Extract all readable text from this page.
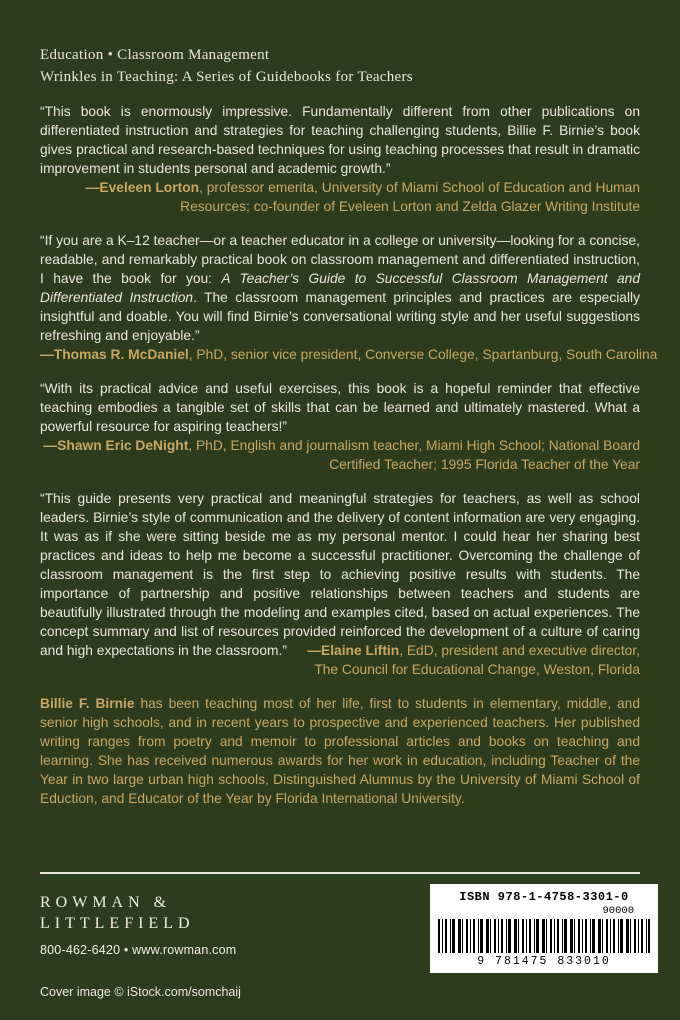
Education • Classroom Management
Wrinkles in Teaching: A Series of Guidebooks for Teachers

“This book is enormously impressive. Fundamentally different from other publications on differentiated instruction and strategies for teaching challenging students, Billie F. Birnie’s book gives practical and research-based techniques for using teaching processes that result in dramatic improvement in students personal and academic growth.”

—Eveleen Lorton, professor emerita, University of Miami School of Education and Human Resources; co-founder of Eveleen Lorton and Zelda Glazer Writing Institute

“If you are a K–12 teacher—or a teacher educator in a college or university—looking for a concise, readable, and remarkably practical book on classroom management and differentiated instruction, I have the book for you: A Teacher’s Guide to Successful Classroom Management and Differentiated Instruction. The classroom management principles and practices are especially insightful and doable. You will find Birnie’s conversational writing style and her useful suggestions refreshing and enjoyable.”

—Thomas R. McDaniel, PhD, senior vice president, Converse College, Spartanburg, South Carolina

“With its practical advice and useful exercises, this book is a hopeful reminder that effective teaching embodies a tangible set of skills that can be learned and ultimately mastered. What a powerful resource for aspiring teachers!”

—Shawn Eric DeNight, PhD, English and journalism teacher, Miami High School; National Board Certified Teacher; 1995 Florida Teacher of the Year

“This guide presents very practical and meaningful strategies for teachers, as well as school leaders. Birnie’s style of communication and the delivery of content information are very engaging. It was as if she were sitting beside me as my personal mentor. I could hear her sharing best practices and ideas to help me become a successful practitioner. Overcoming the challenge of classroom management is the first step to achieving positive results with students. The importance of partnership and positive relationships between teachers and students are beautifully illustrated through the modeling and examples cited, based on actual experiences. The concept summary and list of resources provided reinforced the development of a culture of caring and high expectations in the classroom.”	—Elaine Liftin, EdD, president and executive director,
The Council for Educational Change, Weston, Florida
Billie F. Birnie has been teaching most of her life, first to students in elementary, middle, and senior high schools, and in recent years to prospective and experienced teachers. Her published writing ranges from poetry and memoir to professional articles and books on teaching and learning. She has received numerous awards for her work in education, including Teacher of the Year in two large urban high schools, Distinguished Alumnus by the University of Miami School of Eduction, and Educator of the Year by Florida International University.
ROWMAN &
LITTLEFIELD
800-462-6420 • www.rowman.com
ISBN 978-1-4758-3301-0
90000
9 781475 833010
Cover image © iStock.com/somchaij
